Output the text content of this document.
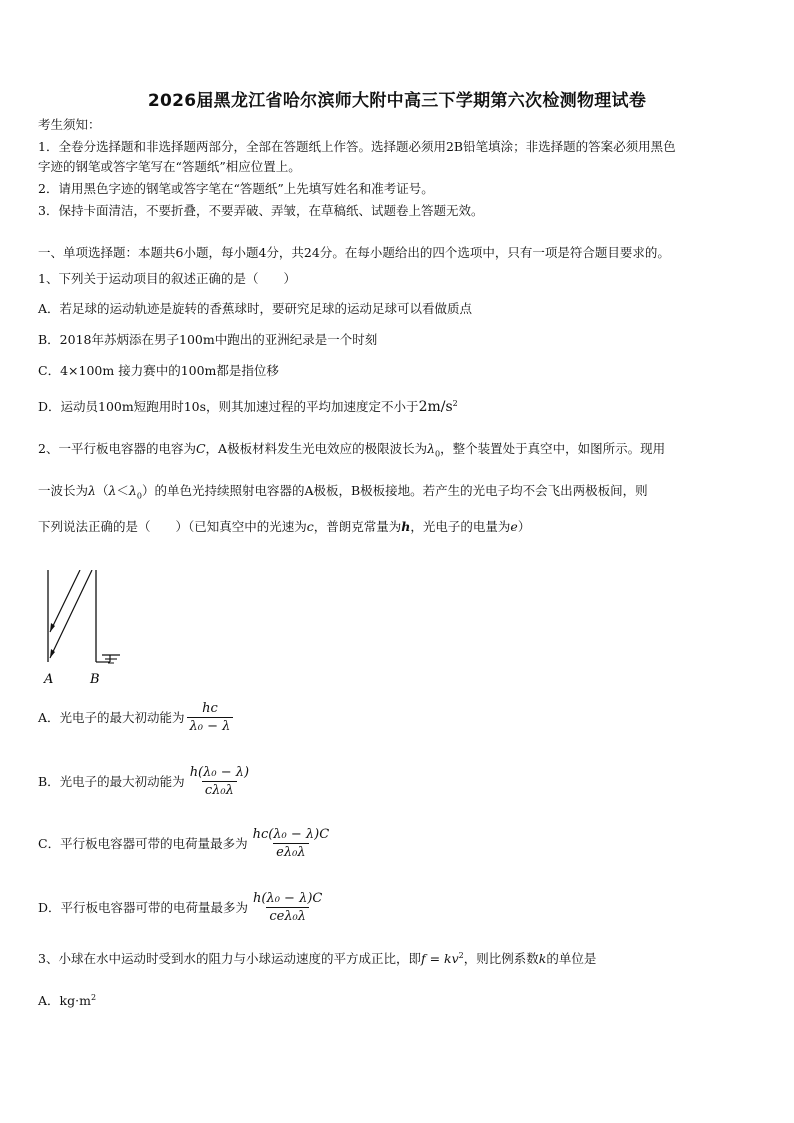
2026届黑龙江省哈尔滨师大附中高三下学期第六次检测物理试卷
考生须知：
1．全卷分选择题和非选择题两部分，全部在答题纸上作答。选择题必须用2B铅笔填涂；非选择题的答案必须用黑色
字迹的钢笔或答字笔写在“答题纸”相应位置上。
2．请用黑色字迹的钢笔或答字笔在“答题纸”上先填写姓名和准考证号。
3．保持卡面清洁，不要折叠，不要弄破、弄皱，在草稿纸、试题卷上答题无效。
一、单项选择题：本题共6小题，每小题4分，共24分。在每小题给出的四个选项中，只有一项是符合题目要求的。
1、下列关于运动项目的叙述正确的是（　　）
A．若足球的运动轨迹是旋转的香蕉球时，要研究足球的运动足球可以看做质点
B．2018年苏炳添在男子100m中跑出的亚洲纪录是一个时刻
C．4×100m 接力赛中的100m都是指位移
D．运动员100m短跑用时10s，则其加速过程的平均加速度定不小于$2m/s^2$
2、一平行板电容器的电容为C，A极板材料发生光电效应的极限波长为$\lambda_0$，整个装置处于真空中，如图所示。现用
一波长为$\lambda(\lambda<\lambda_0)$的单色光持续照射电容器的A极板，B极板接地。若产生的光电子均不会飞出两极板间，则
下列说法正确的是（　　）（已知真空中的光速为c，普朗克常量为h，光电子的电量为e）
A	B
A．光电子的最大初动能为 $\frac{hc}{\text{λ₀ − λ}}$
B．光电子的最大初动能为 $\frac{\text{h(λ₀ − λ)}}{\text{cλ₀λ}}$
C．平行板电容器可带的电荷量最多为 $\frac{\text{hc(λ₀ − λ)C}}{\text{eλ₀λ}}$
D．平行板电容器可带的电荷量最多为 $\frac{\text{h(λ₀ − λ)C}}{\text{ceλ₀λ}}$
3、小球在水中运动时受到水的阻力与小球运动速度的平方成正比，即$f = kv^2$，则比例系数k的单位是
A．$kg\cdot m^2$
